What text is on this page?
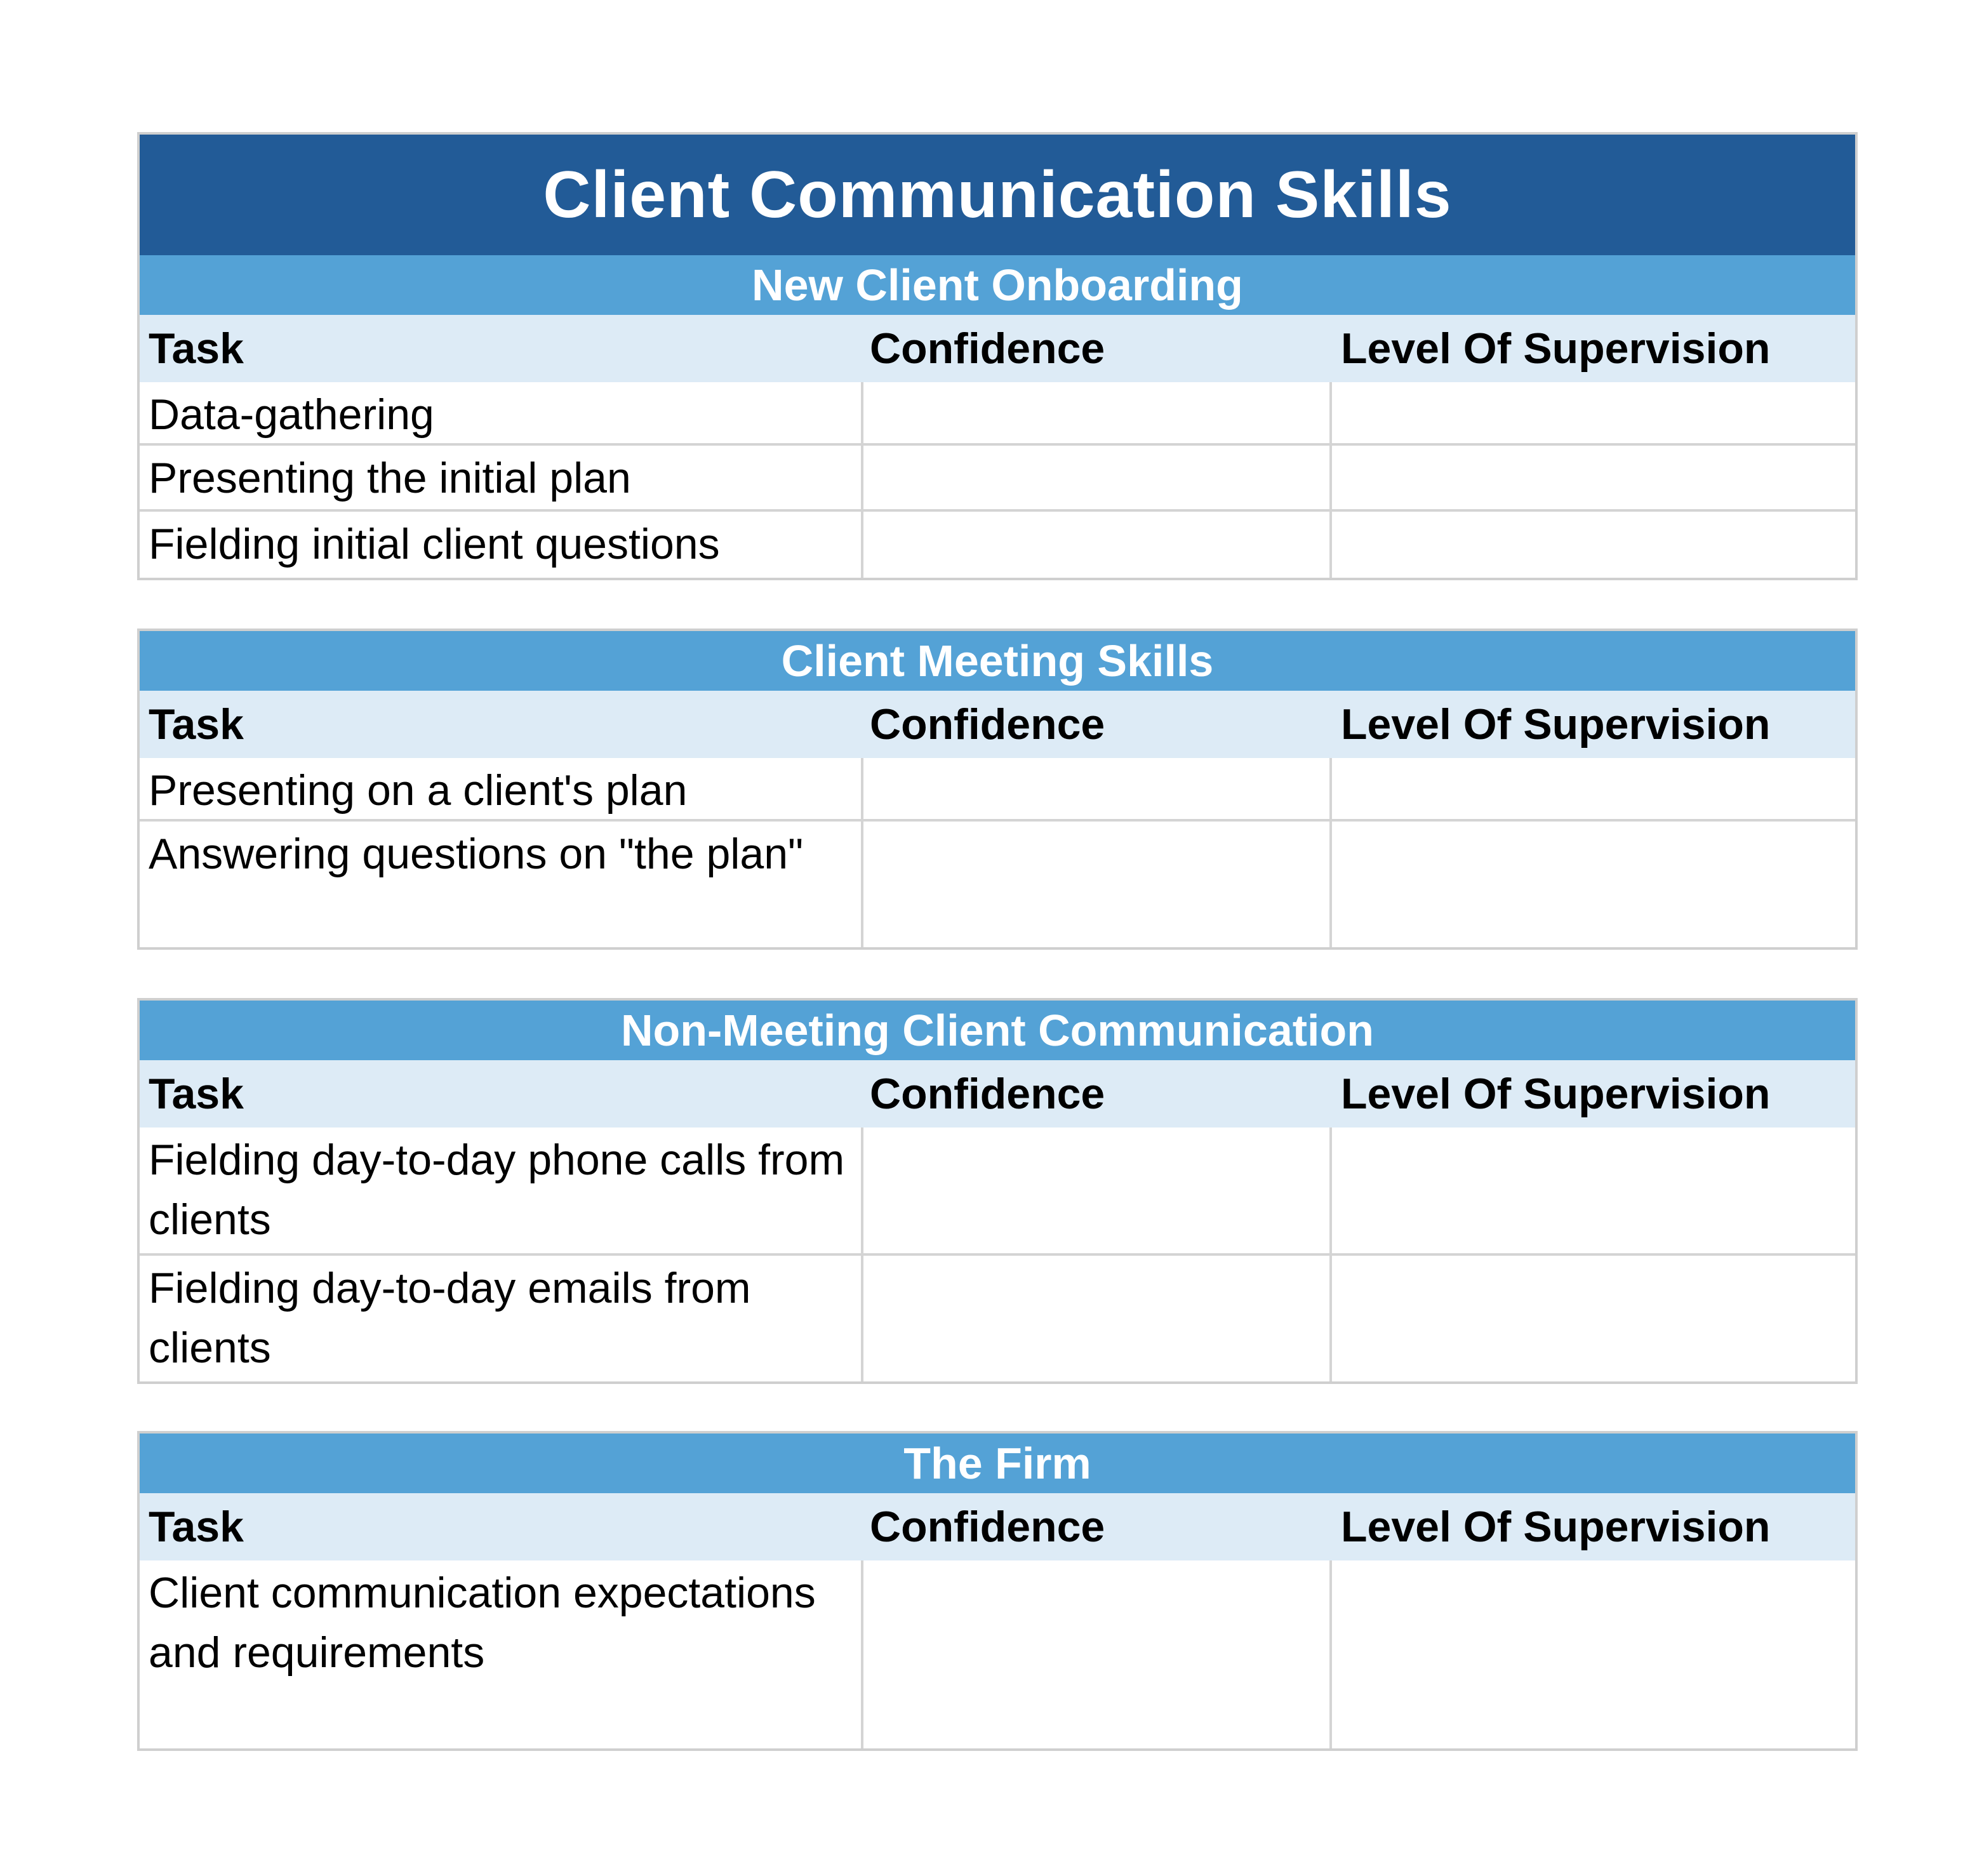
Client Communication Skills
New Client Onboarding
Task	Confidence	Level Of Supervision
Data-gathering
Presenting the initial plan
Fielding initial client questions
Client Meeting Skills
Task	Confidence	Level Of Supervision
Presenting on a client's plan
Answering questions on "the plan"
Non-Meeting Client Communication
Task	Confidence	Level Of Supervision
Fielding day-to-day phone calls from clients
Fielding day-to-day emails from clients
The Firm
Task	Confidence	Level Of Supervision
Client communication expectations and requirements
